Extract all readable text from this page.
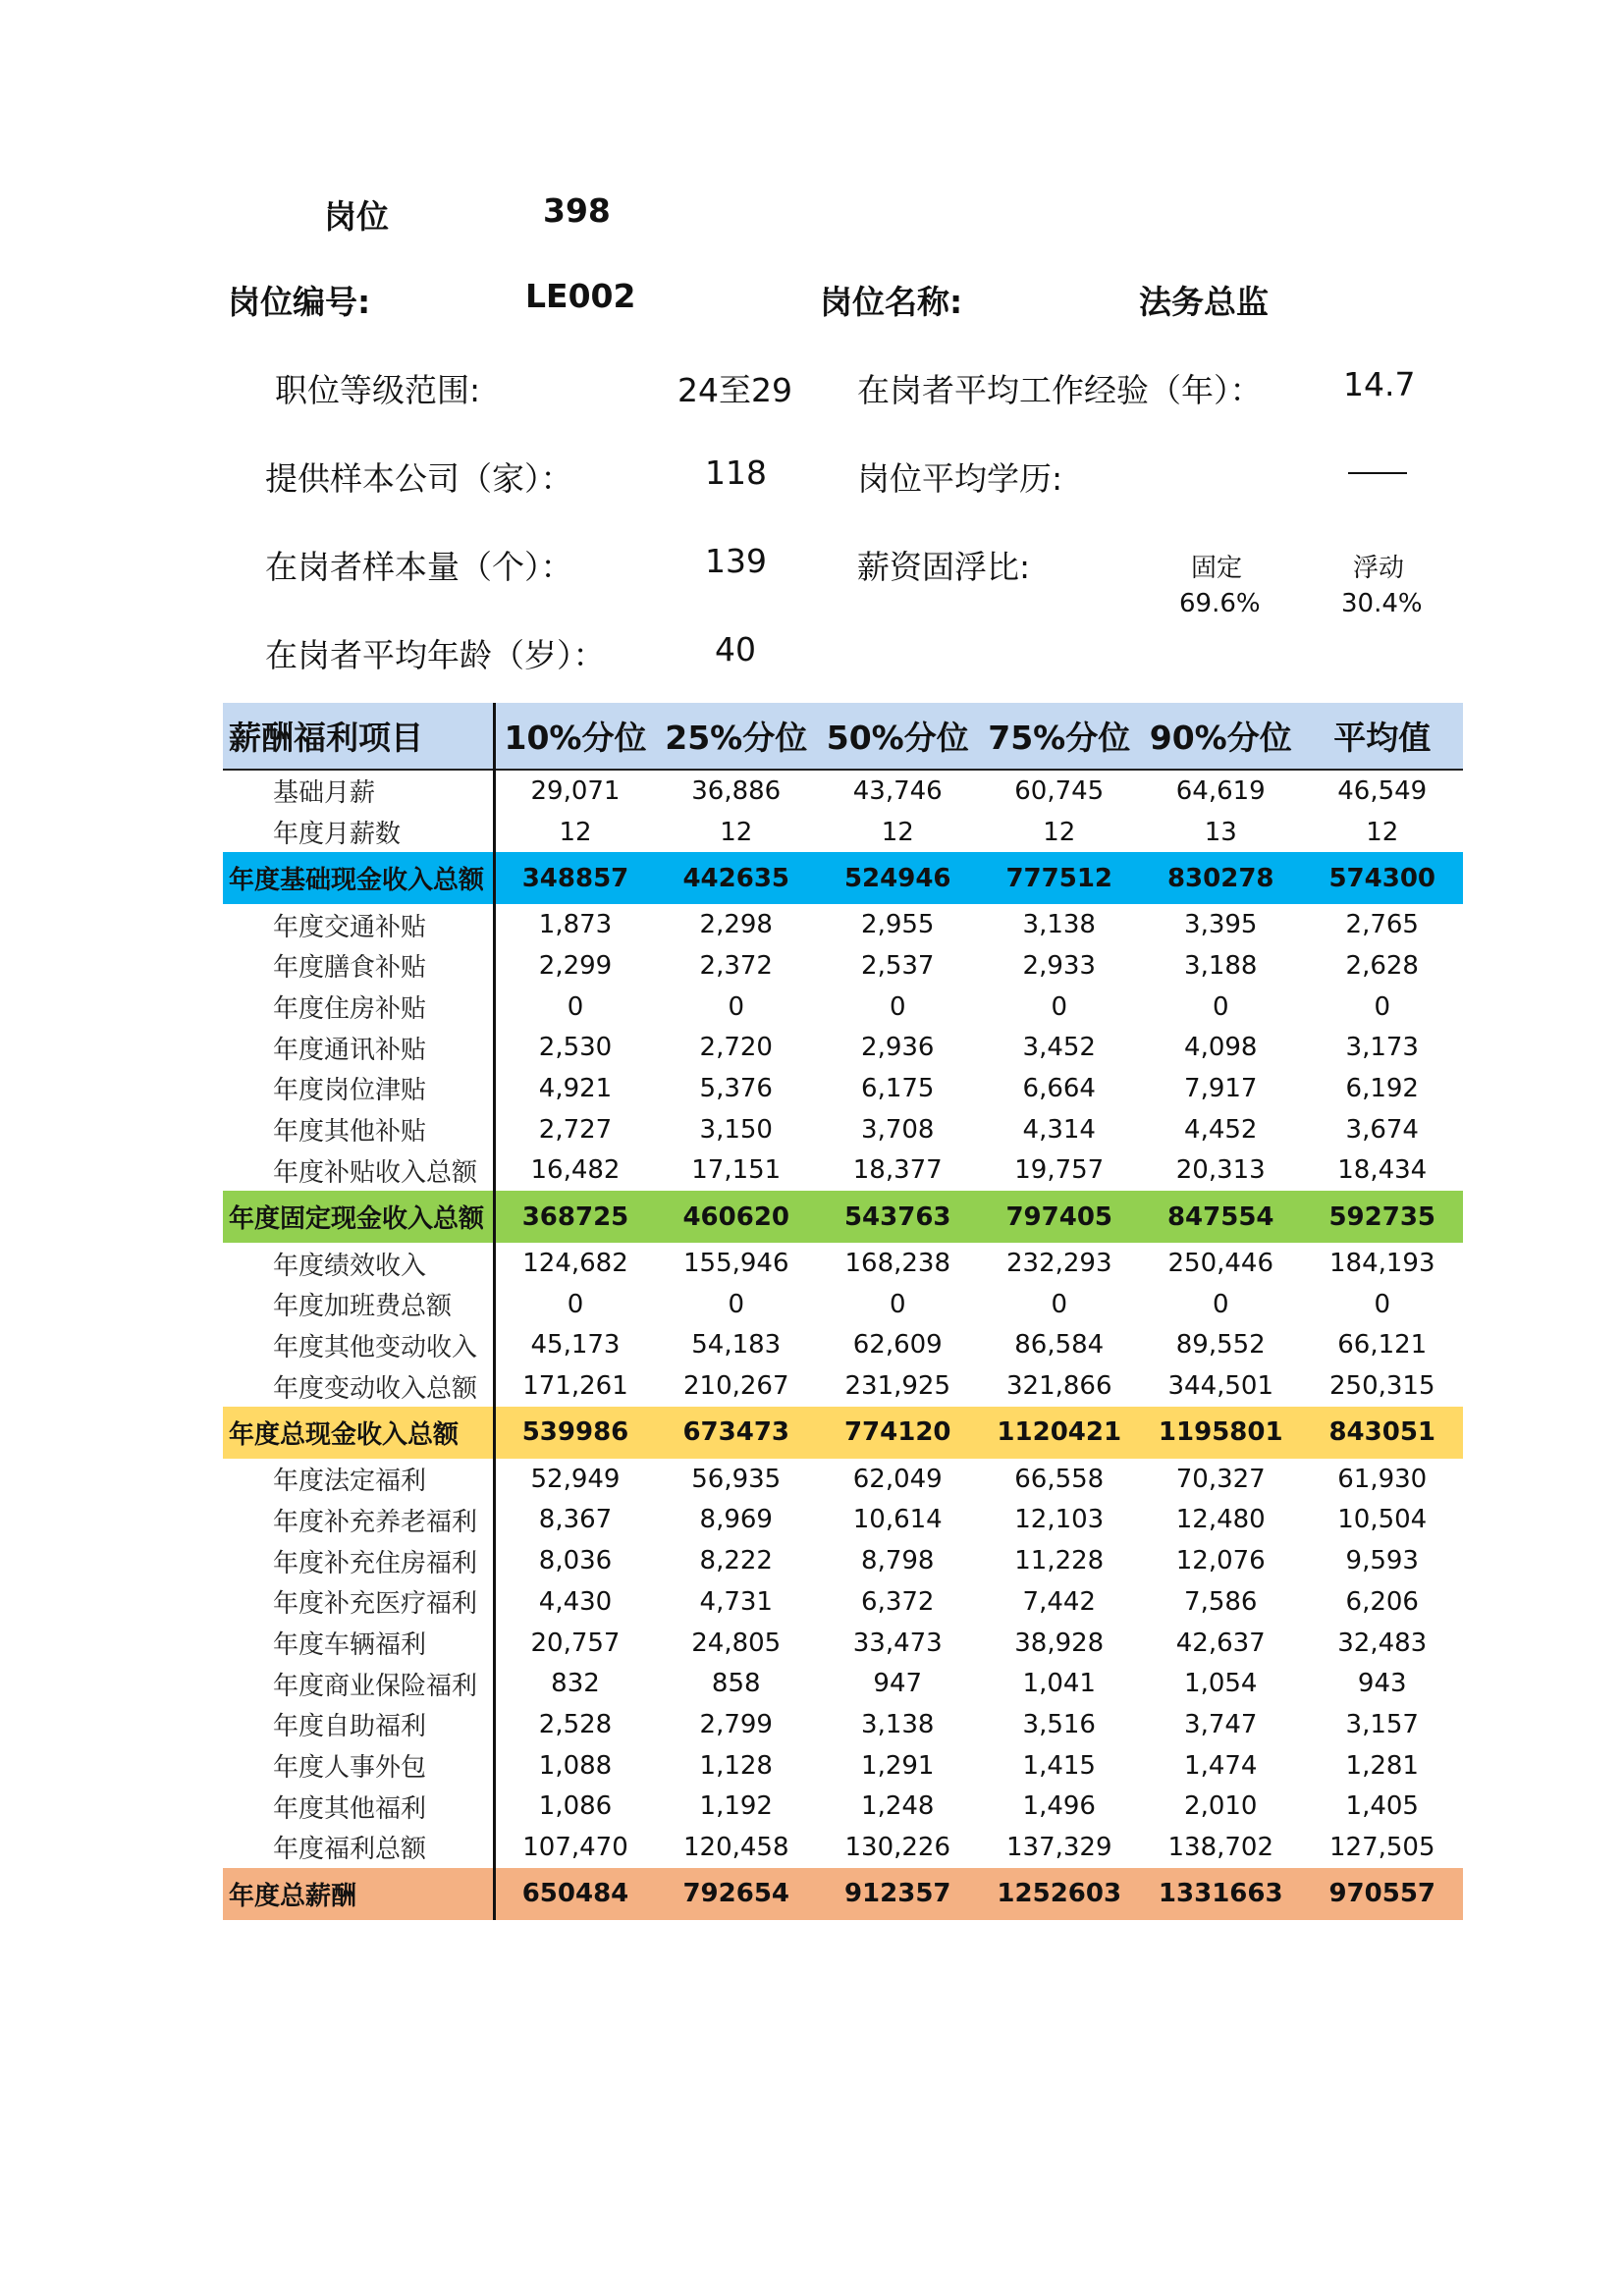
岗位	398
岗位编号:	LE002	岗位名称:	法务总监
职位等级范围:	24至29 在岗者平均工作经验（年）：	14.7
提供样本公司（家）：	118	岗位平均学历:
在岗者样本量（个）：	139	薪资固浮比:	固定	浮动
69.6%	30.4%
在岗者平均年龄（岁）：	40
薪酬福利项目	10%分位	25%分位	50%分位	75%分位	90%分位	平均值
基础月薪	29,071	36,886	43,746	60,745	64,619	46,549
年度月薪数	12	12	12	12	13	12
年度基础现金收入总额	348857	442635	524946	777512	830278	574300
年度交通补贴	1,873	2,298	2,955	3,138	3,395	2,765
年度膳食补贴	2,299	2,372	2,537	2,933	3,188	2,628
年度住房补贴	0	0	0	0	0	0
年度通讯补贴	2,530	2,720	2,936	3,452	4,098	3,173
年度岗位津贴	4,921	5,376	6,175	6,664	7,917	6,192
年度其他补贴	2,727	3,150	3,708	4,314	4,452	3,674
年度补贴收入总额	16,482	17,151	18,377	19,757	20,313	18,434
年度固定现金收入总额	368725	460620	543763	797405	847554	592735
年度绩效收入	124,682	155,946	168,238	232,293	250,446	184,193
年度加班费总额	0	0	0	0	0	0
年度其他变动收入	45,173	54,183	62,609	86,584	89,552	66,121
年度变动收入总额	171,261	210,267	231,925	321,866	344,501	250,315
年度总现金收入总额	539986	673473	774120	1120421	1195801	843051
年度法定福利	52,949	56,935	62,049	66,558	70,327	61,930
年度补充养老福利	8,367	8,969	10,614	12,103	12,480	10,504
年度补充住房福利	8,036	8,222	8,798	11,228	12,076	9,593
年度补充医疗福利	4,430	4,731	6,372	7,442	7,586	6,206
年度车辆福利	20,757	24,805	33,473	38,928	42,637	32,483
年度商业保险福利	832	858	947	1,041	1,054	943
年度自助福利	2,528	2,799	3,138	3,516	3,747	3,157
年度人事外包	1,088	1,128	1,291	1,415	1,474	1,281
年度其他福利	1,086	1,192	1,248	1,496	2,010	1,405
年度福利总额	107,470	120,458	130,226	137,329	138,702	127,505
年度总薪酬	650484	792654	912357	1252603	1331663	970557
